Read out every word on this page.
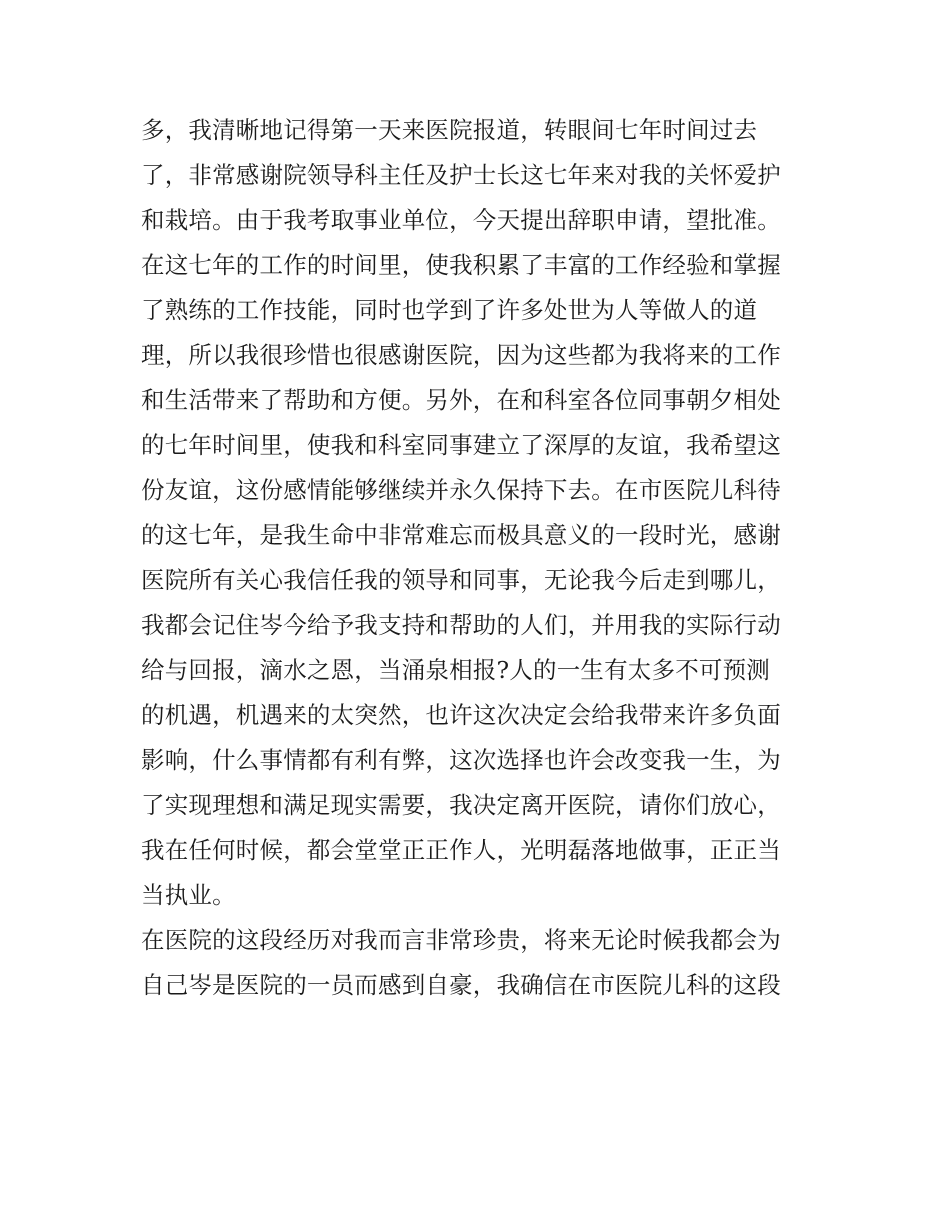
多，我清晰地记得第一天来医院报道，转眼间七年时间过去
了，非常感谢院领导科主任及护士长这七年来对我的关怀爱护
和栽培。由于我考取事业单位，今天提出辞职申请，望批准。
在这七年的工作的时间里，使我积累了丰富的工作经验和掌握
了熟练的工作技能，同时也学到了许多处世为人等做人的道
理，所以我很珍惜也很感谢医院，因为这些都为我将来的工作
和生活带来了帮助和方便。另外，在和科室各位同事朝夕相处
的七年时间里，使我和科室同事建立了深厚的友谊，我希望这
份友谊，这份感情能够继续并永久保持下去。在市医院儿科待
的这七年，是我生命中非常难忘而极具意义的一段时光，感谢
医院所有关心我信任我的领导和同事，无论我今后走到哪儿，
我都会记住岑今给予我支持和帮助的人们，并用我的实际行动
给与回报，滴水之恩，当涌泉相报?人的一生有太多不可预测
的机遇，机遇来的太突然，也许这次决定会给我带来许多负面
影响，什么事情都有利有弊，这次选择也许会改变我一生，为
了实现理想和满足现实需要，我决定离开医院，请你们放心，
我在任何时候，都会堂堂正正作人，光明磊落地做事，正正当
当执业。
在医院的这段经历对我而言非常珍贵，将来无论时候我都会为
自己岑是医院的一员而感到自豪，我确信在市医院儿科的这段
